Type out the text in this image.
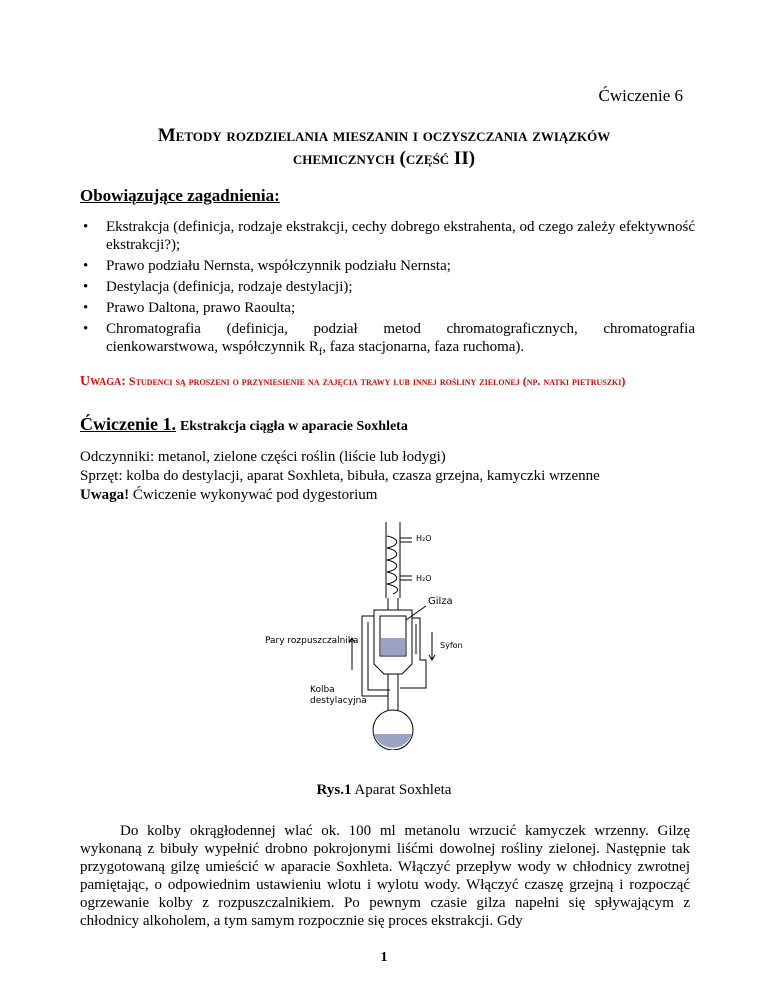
Ćwiczenie 6
Metody rozdzielania mieszanin i oczyszczania związków
chemicznych (część II)
Obowiązujące zagadnienia:
• Ekstrakcja (definicja, rodzaje ekstrakcji, cechy dobrego ekstrahenta, od czego zależy efektywność ekstrakcji?);
• Prawo podziału Nernsta, współczynnik podziału Nernsta;
• Destylacja (definicja, rodzaje destylacji);
• Prawo Daltona, prawo Raoulta;
• Chromatografia (definicja, podział metod chromatograficznych, chromatografia cienkowarstwowa, współczynnik $R_f$, faza stacjonarna, faza ruchoma).
Uwaga: Studenci są proszeni o przyniesienie na zajęcia trawy lub innej rośliny zielonej (np. natki pietruszki)
Ćwiczenie 1. Ekstrakcja ciągła w aparacie Soxhleta
Odczynniki: metanol, zielone części roślin (liście lub łodygi)
Sprzęt: kolba do destylacji, aparat Soxhleta, bibuła, czasza grzejna, kamyczki wrzenne
Uwaga! Ćwiczenie wykonywać pod dygestorium
H₂O
H₂O
Gilza
Syfon
Pary rozpuszczalnika
Kolba
destylacyjna
Rys.1 Aparat Soxhleta

Do kolby okrągłodennej wlać ok. 100 ml metanolu wrzucić kamyczek wrzenny. Gilzę wykonaną z bibuły wypełnić drobno pokrojonymi liśćmi dowolnej rośliny zielonej. Następnie tak przygotowaną gilzę umieścić w aparacie Soxhleta. Włączyć przepływ wody w chłodnicy zwrotnej pamiętając, o odpowiednim ustawieniu wlotu i wylotu wody. Włączyć czaszę grzejną i rozpocząć ogrzewanie kolby z rozpuszczalnikiem. Po pewnym czasie gilza napełni się spływającym z chłodnicy alkoholem, a tym samym rozpocznie się proces ekstrakcji. Gdy

1
